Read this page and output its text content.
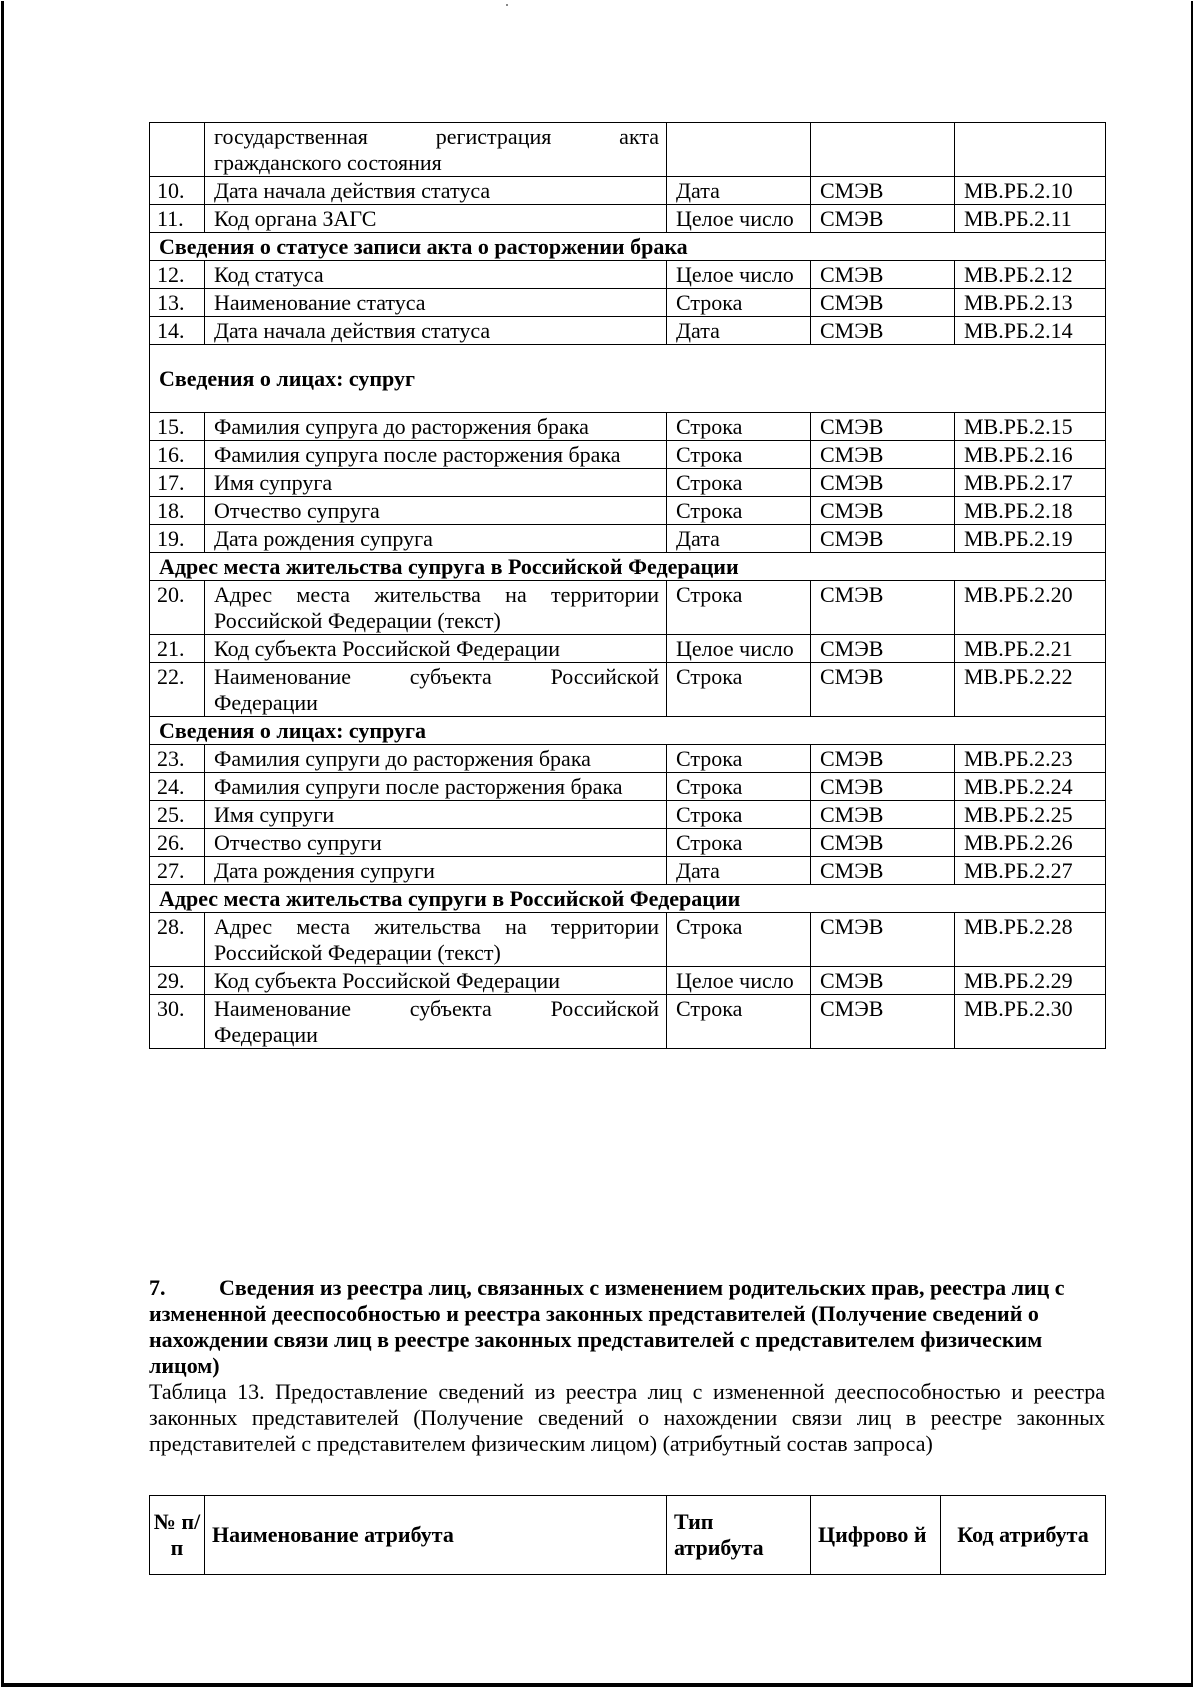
	государственная регистрация акта гражданского состояния			
10.	Дата начала действия статуса	Дата	СМЭВ	МВ.РБ.2.10
11.	Код органа ЗАГС	Целое число	СМЭВ	МВ.РБ.2.11
Сведения о статусе записи акта о расторжении брака				
12.	Код статуса	Целое число	СМЭВ	МВ.РБ.2.12
13.	Наименование статуса	Строка	СМЭВ	МВ.РБ.2.13
14.	Дата начала действия статуса	Дата	СМЭВ	МВ.РБ.2.14
Сведения о лицах: супруг				
15.	Фамилия супруга до расторжения брака	Строка	СМЭВ	МВ.РБ.2.15
16.	Фамилия супруга после расторжения брака	Строка	СМЭВ	МВ.РБ.2.16
17.	Имя супруга	Строка	СМЭВ	МВ.РБ.2.17
18.	Отчество супруга	Строка	СМЭВ	МВ.РБ.2.18
19.	Дата рождения супруга	Дата	СМЭВ	МВ.РБ.2.19
Адрес места жительства супруга в Российской Федерации				
20.	Адрес места жительства на территории Российской Федерации (текст)	Строка	СМЭВ	МВ.РБ.2.20
21.	Код субъекта Российской Федерации	Целое число	СМЭВ	МВ.РБ.2.21
22.	Наименование субъекта Российской Федерации	Строка	СМЭВ	МВ.РБ.2.22
Сведения о лицах: супруга				
23.	Фамилия супруги до расторжения брака	Строка	СМЭВ	МВ.РБ.2.23
24.	Фамилия супруги после расторжения брака	Строка	СМЭВ	МВ.РБ.2.24
25.	Имя супруги	Строка	СМЭВ	МВ.РБ.2.25
26.	Отчество супруги	Строка	СМЭВ	МВ.РБ.2.26
27.	Дата рождения супруги	Дата	СМЭВ	МВ.РБ.2.27
Адрес места жительства супруги в Российской Федерации				
28.	Адрес места жительства на территории Российской Федерации (текст)	Строка	СМЭВ	МВ.РБ.2.28
29.	Код субъекта Российской Федерации	Целое число	СМЭВ	МВ.РБ.2.29
30.	Наименование субъекта Российской Федерации	Строка	СМЭВ	МВ.РБ.2.30
7. Сведения из реестра лиц, связанных с изменением родительских прав, реестра лиц с измененной дееспособностью и реестра законных представителей (Получение сведений о нахождении связи лиц в реестре законных представителей с представителем физическим лицом)
Таблица 13. Предоставление сведений из реестра лиц с измененной дееспособностью и реестра законных представителей (Получение сведений о нахождении связи лиц в реестре законных представителей с представителем физическим лицом) (атрибутный состав запроса)
№ п/п	Наименование атрибута	Тип атрибута	Цифрово й	Код атрибута
